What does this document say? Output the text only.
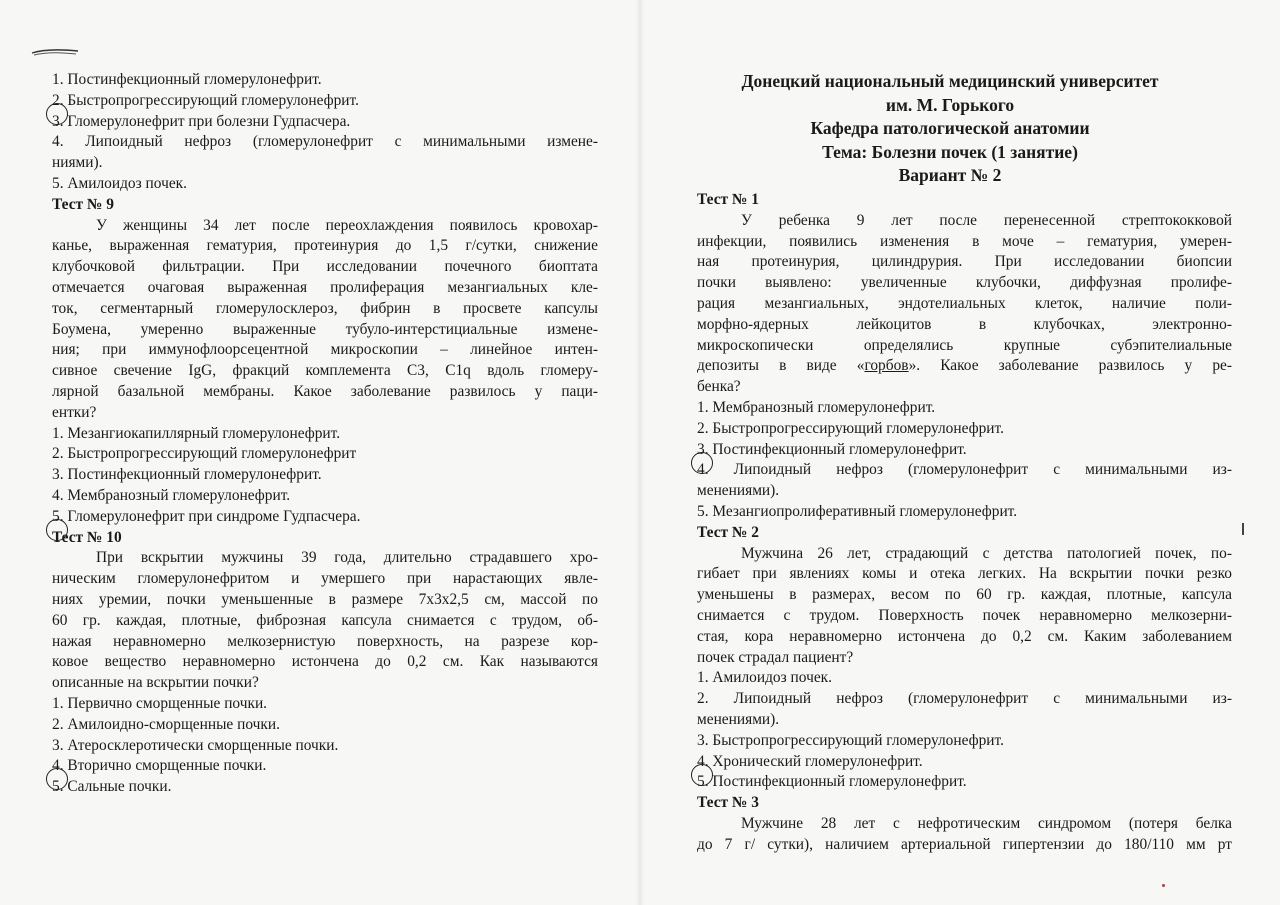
1. Постинфекционный гломерулонефрит.
2. Быстропрогрессирующий гломерулонефрит.
3. Гломерулонефрит при болезни Гудпасчера.
4. Липоидный нефроз (гломерулонефрит с минимальными измене-
ниями).
5. Амилоидоз почек.
Тест № 9
У женщины 34 лет после переохлаждения появилось кровохар-
канье, выраженная гематурия, протеинурия до 1,5 г/сутки, снижение
клубочковой фильтрации. При исследовании почечного биоптата
отмечается очаговая выраженная пролиферация мезангиальных кле-
ток, сегментарный гломерулосклероз, фибрин в просвете капсулы
Боумена, умеренно выраженные тубуло-интерстициальные измене-
ния; при иммунофлоорсецентной микроскопии – линейное интен-
сивное свечение IgG, фракций комплемента С3, С1q вдоль гломеру-
лярной базальной мембраны. Какое заболевание развилось у паци-
ентки?
1. Мезангиокапиллярный гломерулонефрит.
2. Быстропрогрессирующий гломерулонефрит
3. Постинфекционный гломерулонефрит.
4. Мембранозный гломерулонефрит.
5. Гломерулонефрит при синдроме Гудпасчера.
Тест № 10
При вскрытии мужчины 39 года, длительно страдавшего хро-
ническим гломерулонефритом и умершего при нарастающих явле-
ниях уремии, почки уменьшенные в размере 7х3х2,5 см, массой по
60 гр. каждая, плотные, фиброзная капсула снимается с трудом, об-
нажая неравномерно мелкозернистую поверхность, на разрезе кор-
ковое вещество неравномерно истончена до 0,2 см. Как называются
описанные на вскрытии почки?
1. Первично сморщенные почки.
2. Амилоидно-сморщенные почки.
3. Атеросклеротически сморщенные почки.
4. Вторично сморщенные почки.
5. Сальные почки.
Донецкий национальный медицинский университет
им. М. Горького
Кафедра патологической анатомии
Тема: Болезни почек (1 занятие)
Вариант № 2
Тест № 1
У ребенка 9 лет после перенесенной стрептококковой
инфекции, появились изменения в моче – гематурия, умерен-
ная протеинурия, цилиндрурия. При исследовании биопсии
почки выявлено: увеличенные клубочки, диффузная пролифе-
рация мезангиальных, эндотелиальных клеток, наличие поли-
морфно-ядерных лейкоцитов в клубочках, электронно-
микроскопически определялись крупные субэпителиальные
депозиты в виде «горбов». Какое заболевание развилось у ре-
бенка?
1. Мембранозный гломерулонефрит.
2. Быстропрогрессирующий гломерулонефрит.
3. Постинфекционный гломерулонефрит.
4. Липоидный нефроз (гломерулонефрит с минимальными из-
менениями).
5. Мезангиопролиферативный гломерулонефрит.
Тест № 2
Мужчина 26 лет, страдающий с детства патологией почек, по-
гибает при явлениях комы и отека легких. На вскрытии почки резко
уменьшены в размерах, весом по 60 гр. каждая, плотные, капсула
снимается с трудом. Поверхность почек неравномерно мелкозерни-
стая, кора неравномерно истончена до 0,2 см. Каким заболеванием
почек страдал пациент?
1. Амилоидоз почек.
2. Липоидный нефроз (гломерулонефрит с минимальными из-
менениями).
3. Быстропрогрессирующий гломерулонефрит.
4. Хронический гломерулонефрит.
5. Постинфекционный гломерулонефрит.
Тест № 3
Мужчине 28 лет с нефротическим синдромом (потеря белка
до 7 г/ сутки), наличием артериальной гипертензии до 180/110 мм рт
